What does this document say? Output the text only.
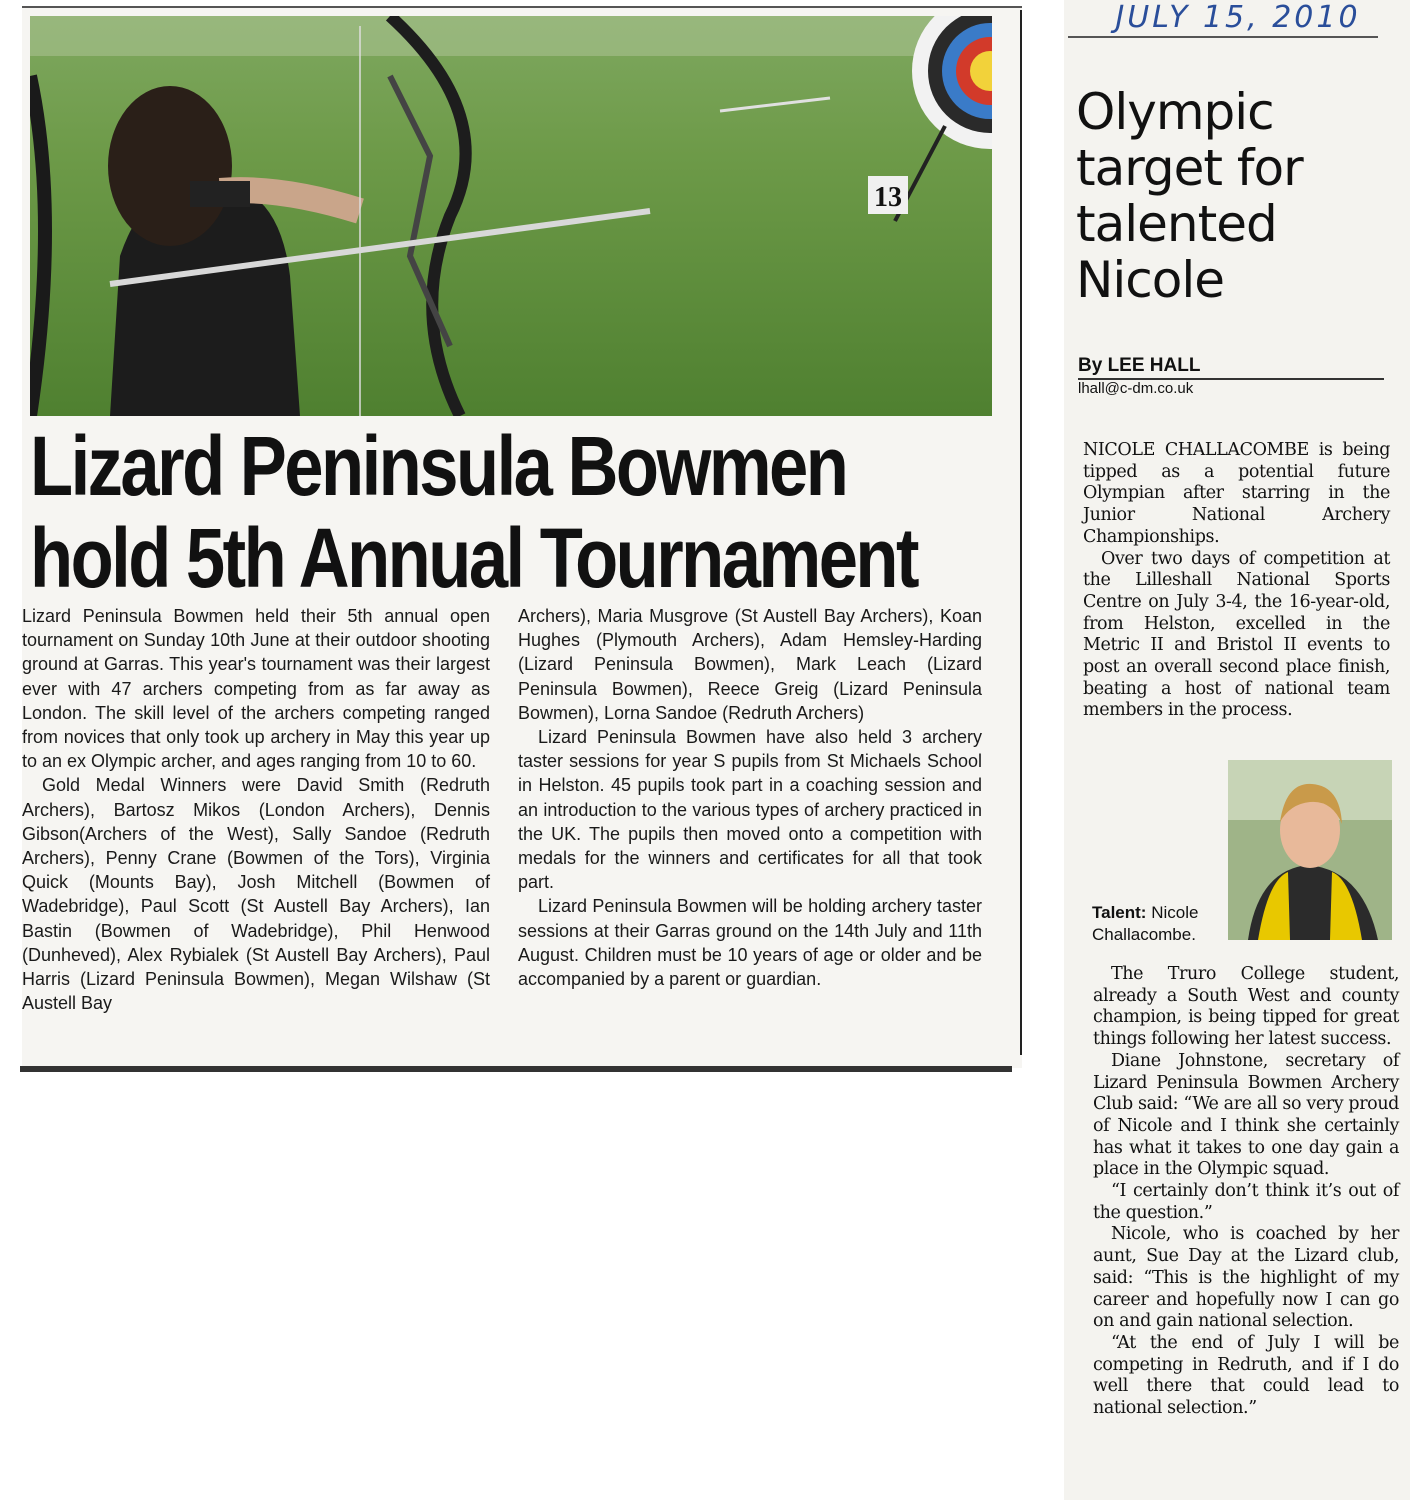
13
Lizard Peninsula Bowmen
hold 5th Annual Tournament

Lizard Peninsula Bowmen held their 5th annual open tournament on Sunday 10th June at their outdoor shooting ground at Garras. This year's tournament was their largest ever with 47 archers competing from as far away as London. The skill level of the archers competing ranged from novices that only took up archery in May this year up to an ex Olympic archer, and ages ranging from 10 to 60.

Gold Medal Winners were David Smith (Redruth Archers), Bartosz Mikos (London Archers), Dennis Gibson(Archers of the West), Sally Sandoe (Redruth Archers), Penny Crane (Bowmen of the Tors), Virginia Quick (Mounts Bay), Josh Mitchell (Bowmen of Wadebridge), Paul Scott (St Austell Bay Archers), Ian Bastin (Bowmen of Wadebridge), Phil Henwood (Dunheved), Alex Rybialek (St Austell Bay Archers), Paul Harris (Lizard Peninsula Bowmen), Megan Wilshaw (St Austell Bay

Archers), Maria Musgrove (St Austell Bay Archers), Koan Hughes (Plymouth Archers), Adam Hemsley-Harding (Lizard Peninsula Bowmen), Mark Leach (Lizard Peninsula Bowmen), Reece Greig (Lizard Peninsula Bowmen), Lorna Sandoe (Redruth Archers)

Lizard Peninsula Bowmen have also held 3 archery taster sessions for year S pupils from St Michaels School in Helston. 45 pupils took part in a coaching session and an introduction to the various types of archery practiced in the UK. The pupils then moved onto a competition with medals for the winners and certificates for all that took part.

Lizard Peninsula Bowmen will be holding archery taster sessions at their Garras ground on the 14th July and 11th August. Children must be 10 years of age or older and be accompanied by a parent or guardian.

JULY 15, 2010
Olympic
target for
talented
Nicole
By LEE HALL
lhall@c-dm.co.uk

NICOLE CHALLACOMBE is being tipped as a potential future Olympian after starring in the Junior National Archery Championships.

Over two days of competition at the Lilleshall National Sports Centre on July 3-4, the 16-year-old, from Helston, excelled in the Metric II and Bristol II events to post an overall second place finish, beating a host of national team members in the process.

Talent: Nicole Challacombe.

The Truro College student, already a South West and county champion, is being tipped for great things following her latest success.

Diane Johnstone, secretary of Lizard Peninsula Bowmen Archery Club said: “We are all so very proud of Nicole and I think she certainly has what it takes to one day gain a place in the Olympic squad.

“I certainly don’t think it’s out of the question.”

Nicole, who is coached by her aunt, Sue Day at the Lizard club, said: “This is the highlight of my career and hopefully now I can go on and gain national selection.

“At the end of July I will be competing in Redruth, and if I do well there that could lead to national selection.”
